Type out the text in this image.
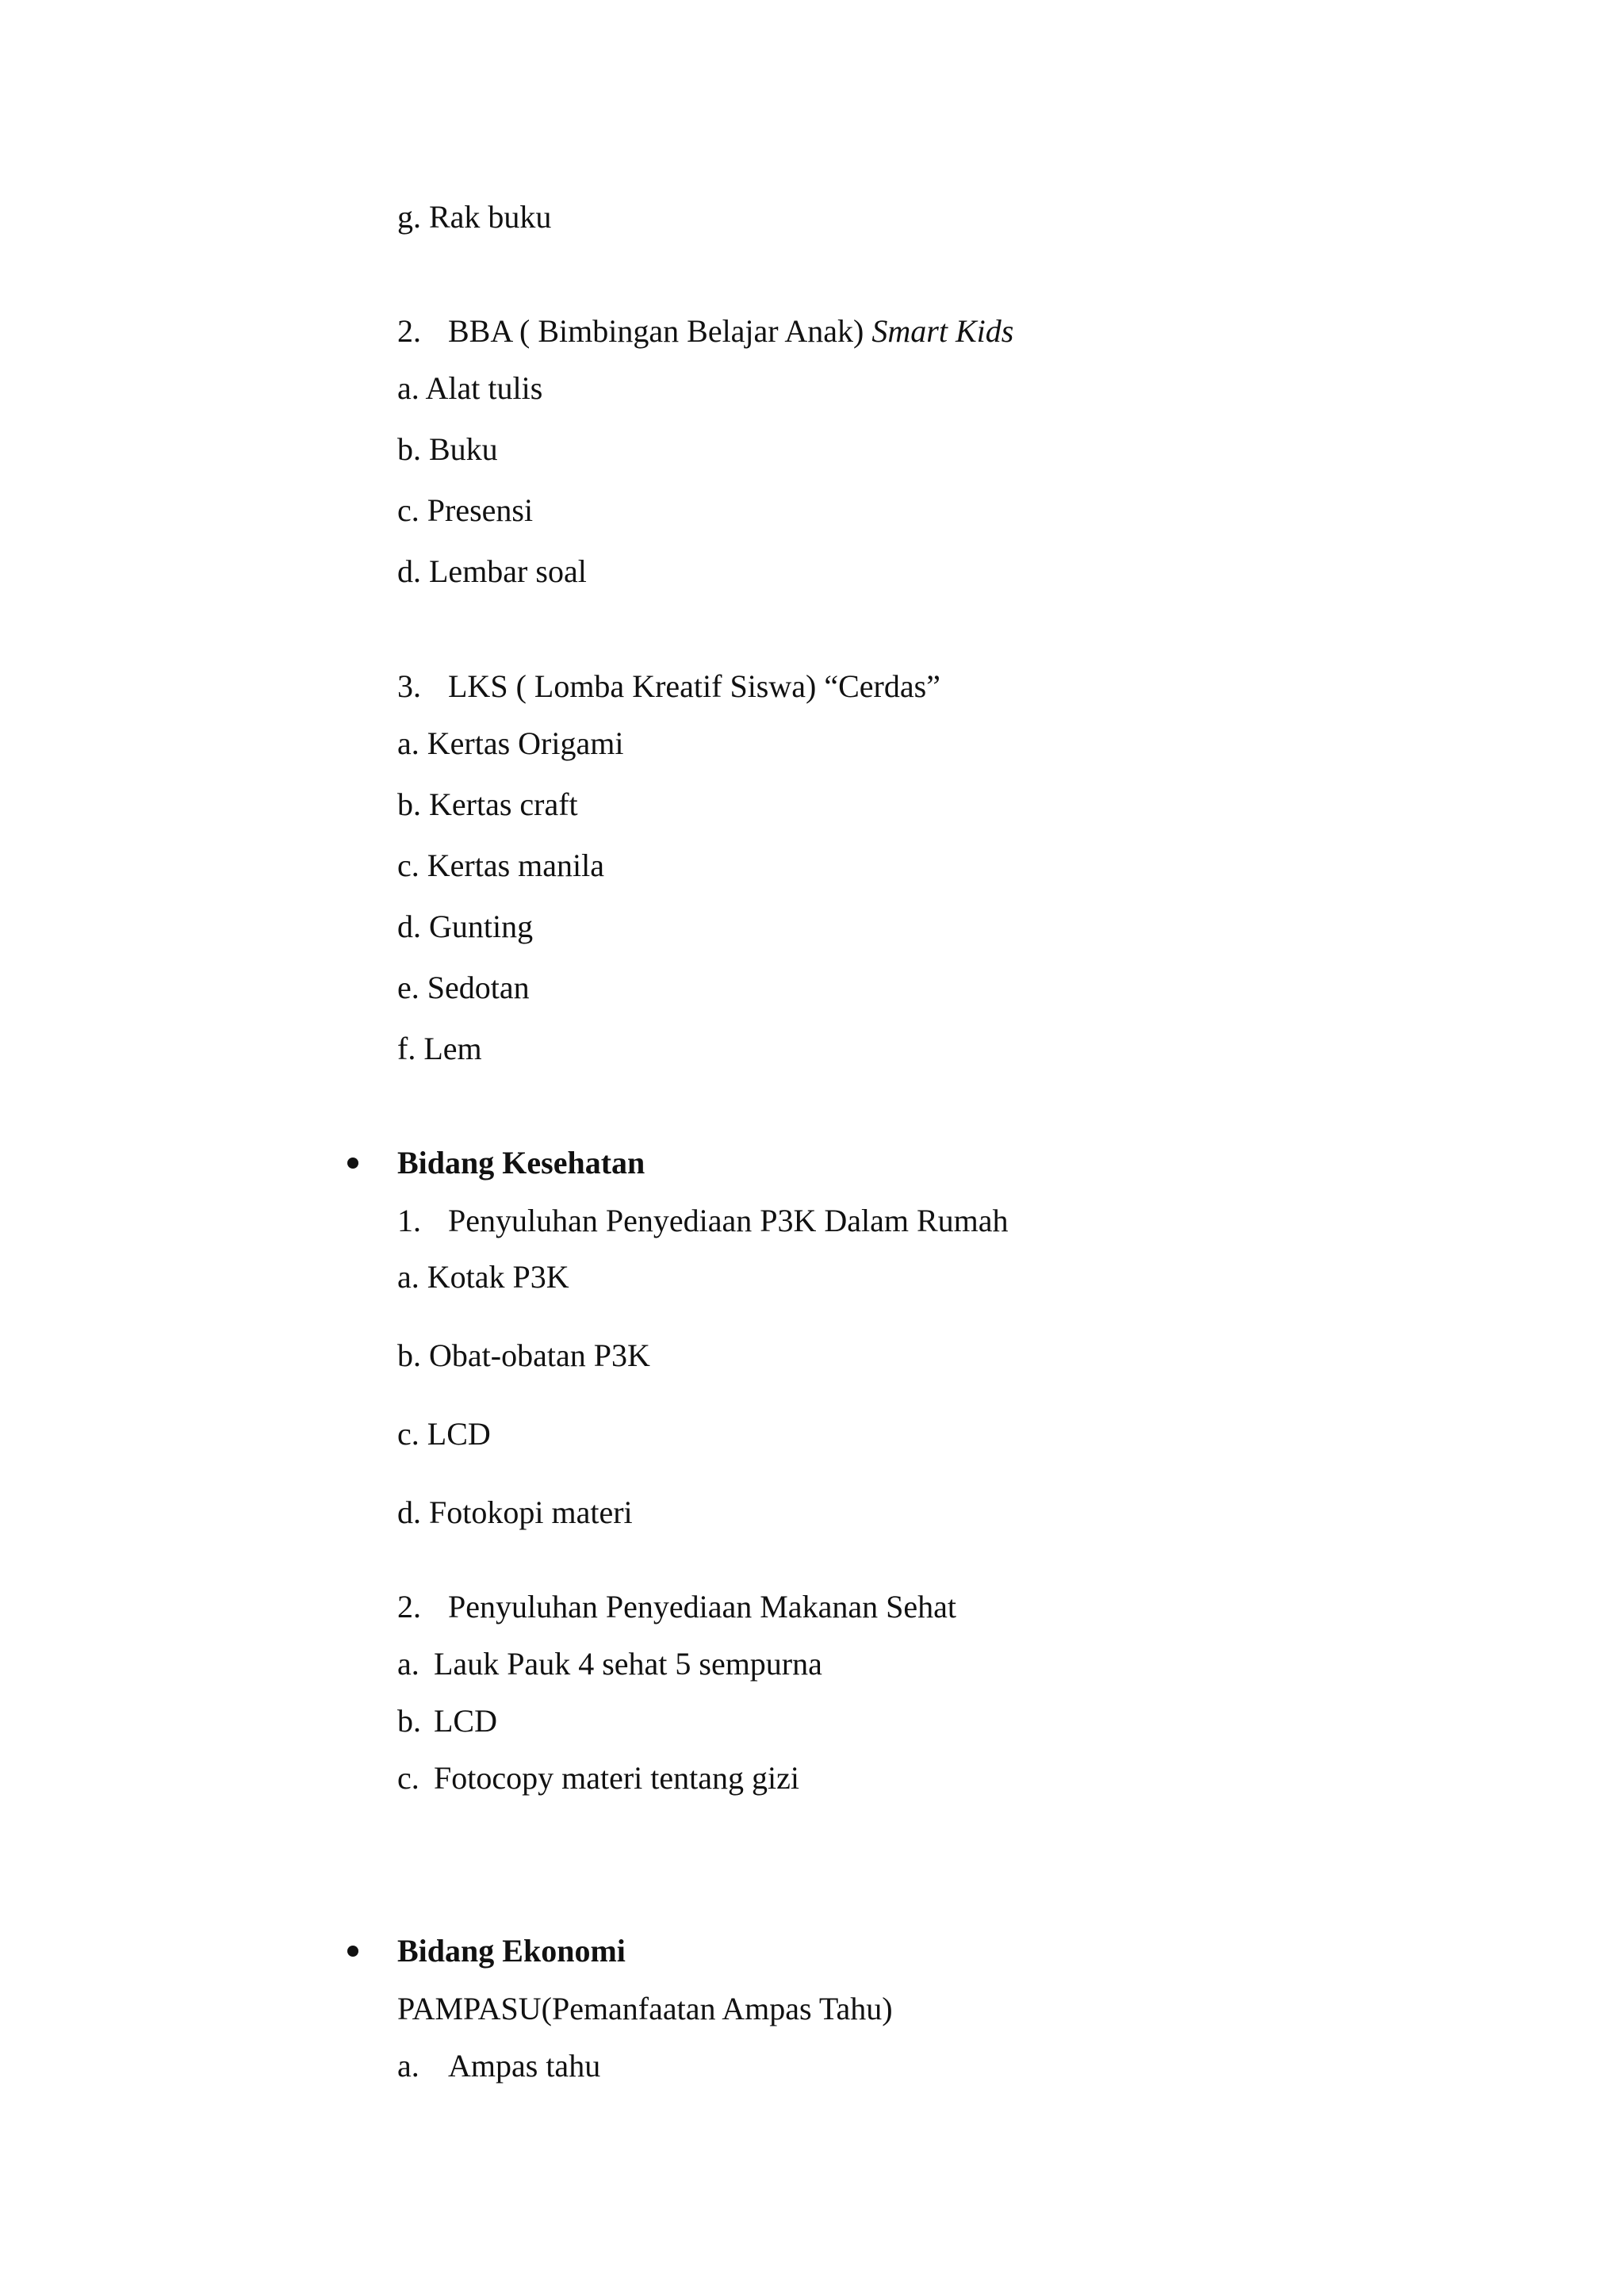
g. Rak buku
2. BBA ( Bimbingan Belajar Anak) Smart Kids
a. Alat tulis
b. Buku
c. Presensi
d. Lembar soal
3. LKS ( Lomba Kreatif Siswa) “Cerdas”
a. Kertas Origami
b. Kertas craft
c. Kertas manila
d. Gunting
e. Sedotan
f. Lem
Bidang Kesehatan
1. Penyuluhan Penyediaan P3K Dalam Rumah
a. Kotak P3K
b. Obat-obatan P3K
c. LCD
d. Fotokopi materi
2. Penyuluhan Penyediaan Makanan Sehat
a. Lauk Pauk 4 sehat 5 sempurna
b. LCD
c. Fotocopy materi tentang gizi
Bidang Ekonomi
PAMPASU(Pemanfaatan Ampas Tahu)
a. Ampas tahu
